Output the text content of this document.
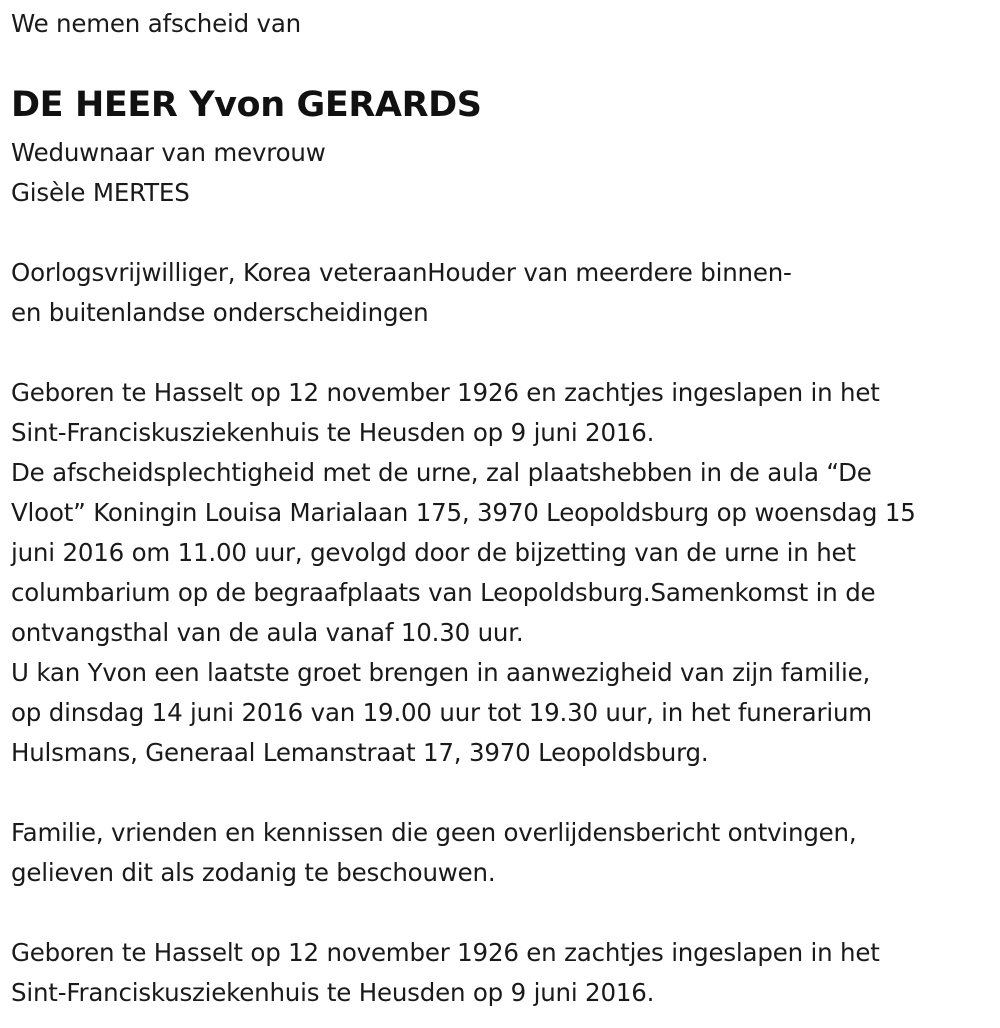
We nemen afscheid van
DE HEER Yvon GERARDS
Weduwnaar van mevrouw
Gisèle MERTES
Oorlogsvrijwilliger, Korea veteraanHouder van meerdere binnen-
en buitenlandse onderscheidingen
Geboren te Hasselt op 12 november 1926 en zachtjes ingeslapen in het
Sint-Franciskusziekenhuis te Heusden op 9 juni 2016.
De afscheidsplechtigheid met de urne, zal plaatshebben in de aula “De
Vloot” Koningin Louisa Marialaan 175, 3970 Leopoldsburg op woensdag 15
juni 2016 om 11.00 uur, gevolgd door de bijzetting van de urne in het
columbarium op de begraafplaats van Leopoldsburg.Samenkomst in de
ontvangsthal van de aula vanaf 10.30 uur.
U kan Yvon een laatste groet brengen in aanwezigheid van zijn familie,
op dinsdag 14 juni 2016 van 19.00 uur tot 19.30 uur, in het funerarium
Hulsmans, Generaal Lemanstraat 17, 3970 Leopoldsburg.
Familie, vrienden en kennissen die geen overlijdensbericht ontvingen,
gelieven dit als zodanig te beschouwen.
Geboren te Hasselt op 12 november 1926 en zachtjes ingeslapen in het
Sint-Franciskusziekenhuis te Heusden op 9 juni 2016.
